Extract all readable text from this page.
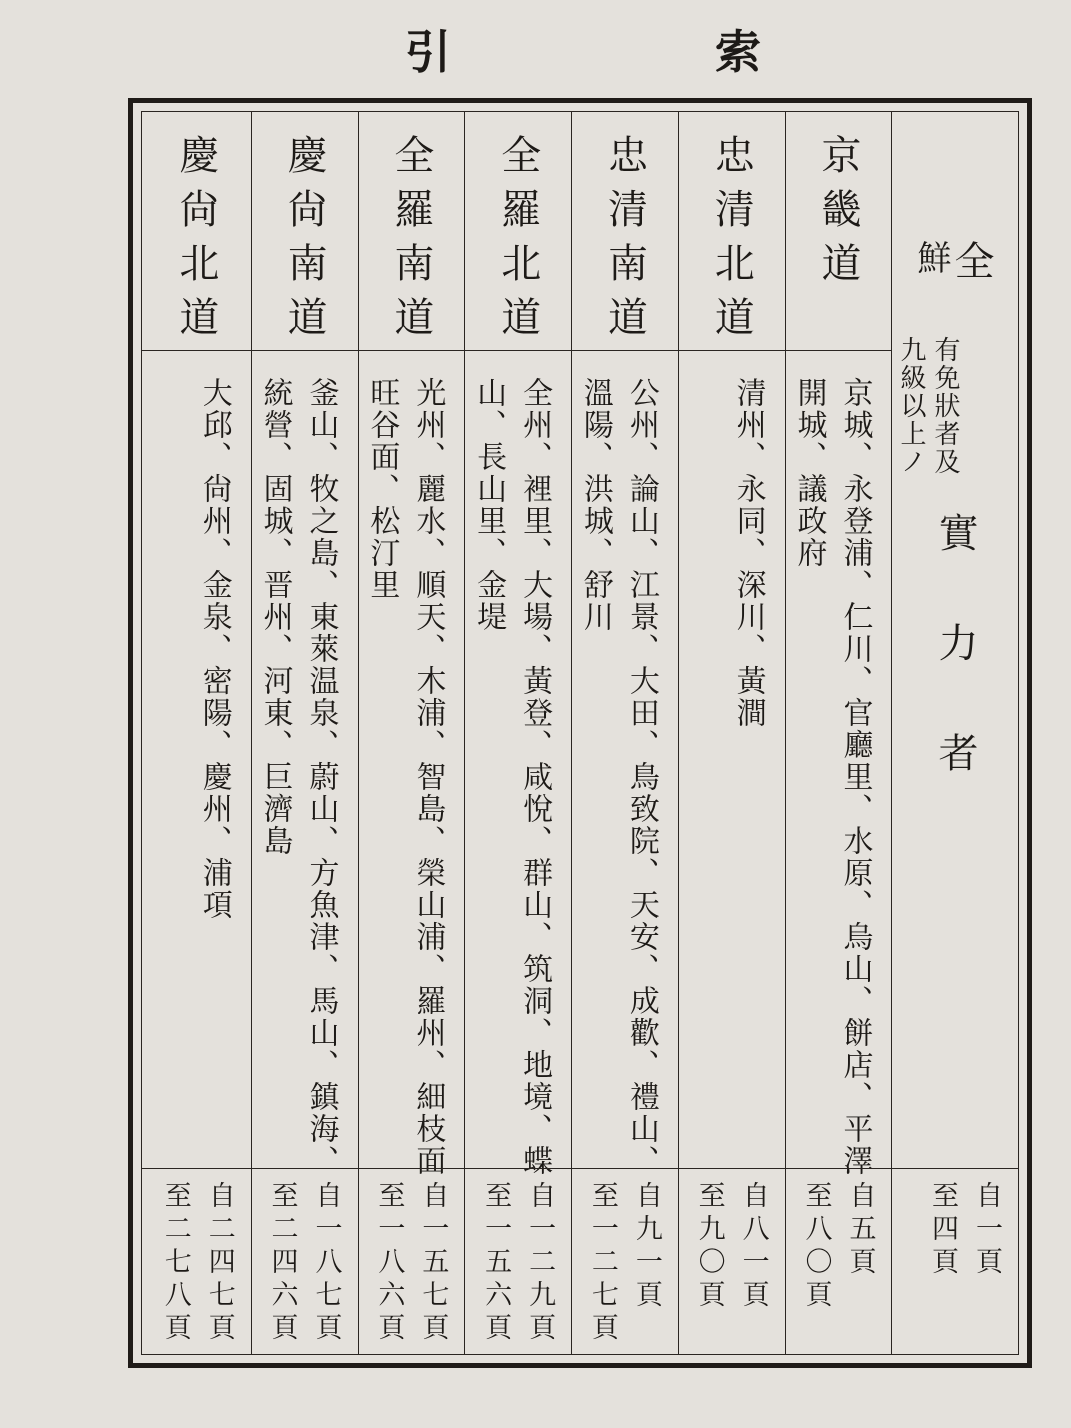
索
引
全
鮮
有免狀者及
九級以上ノ
實力者
自一頁
至四頁
京畿道
京城、永登浦、仁川、官廳里、水原、烏山、餅店、平澤開城、議政府
自五頁
至八〇頁
忠清北道
清州、永同、深川、黃澗
自八一頁
至九〇頁
忠清南道
公州、論山、江景、大田、鳥致院、天安、成歡、禮山、溫陽、洪城、舒川
自九一頁
至一二七頁
全羅北道
全州、裡里、大場、黃登、咸悅、群山、筑洞、地境、蝶山、長山里、金堤
自一二九頁
至一五六頁
全羅南道
光州、麗水、順天、木浦、智島、榮山浦、羅州、細枝面旺谷面、松汀里
自一五七頁
至一八六頁
慶尙南道
釜山、牧之島、東萊温泉、蔚山、方魚津、馬山、鎮海、統營、固城、晋州、河東、巨濟島
自一八七頁
至二四六頁
慶尙北道
大邱、尙州、金泉、密陽、慶州、浦項
自二四七頁
至二七八頁
